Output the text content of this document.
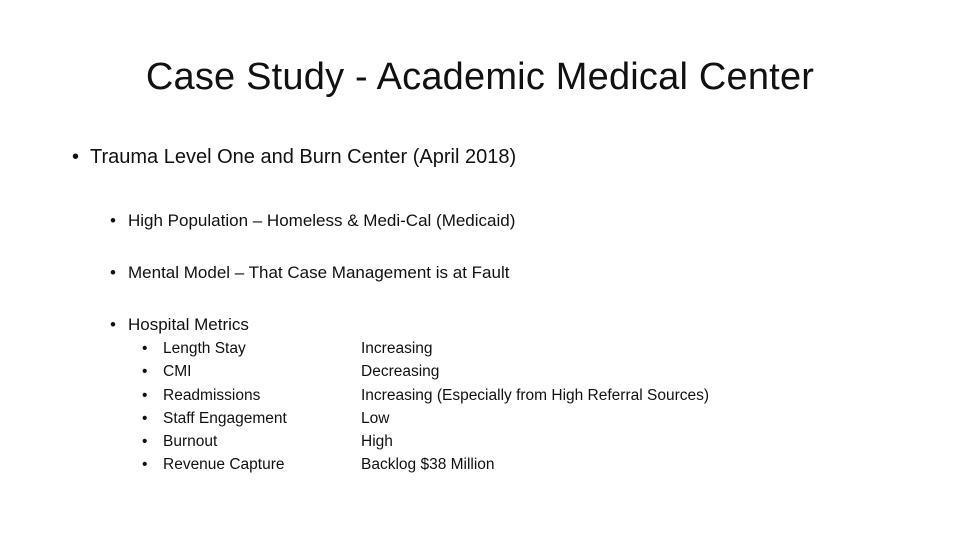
Case Study - Academic Medical Center
• Trauma Level One and Burn Center (April 2018)
• High Population – Homeless & Medi-Cal (Medicaid)
• Mental Model – That Case Management is at Fault
• Hospital Metrics
• Length Stay	Increasing
• CMI	Decreasing
• Readmissions	Increasing (Especially from High Referral Sources)
• Staff Engagement	Low
• Burnout	High
• Revenue Capture	Backlog $38 Million
